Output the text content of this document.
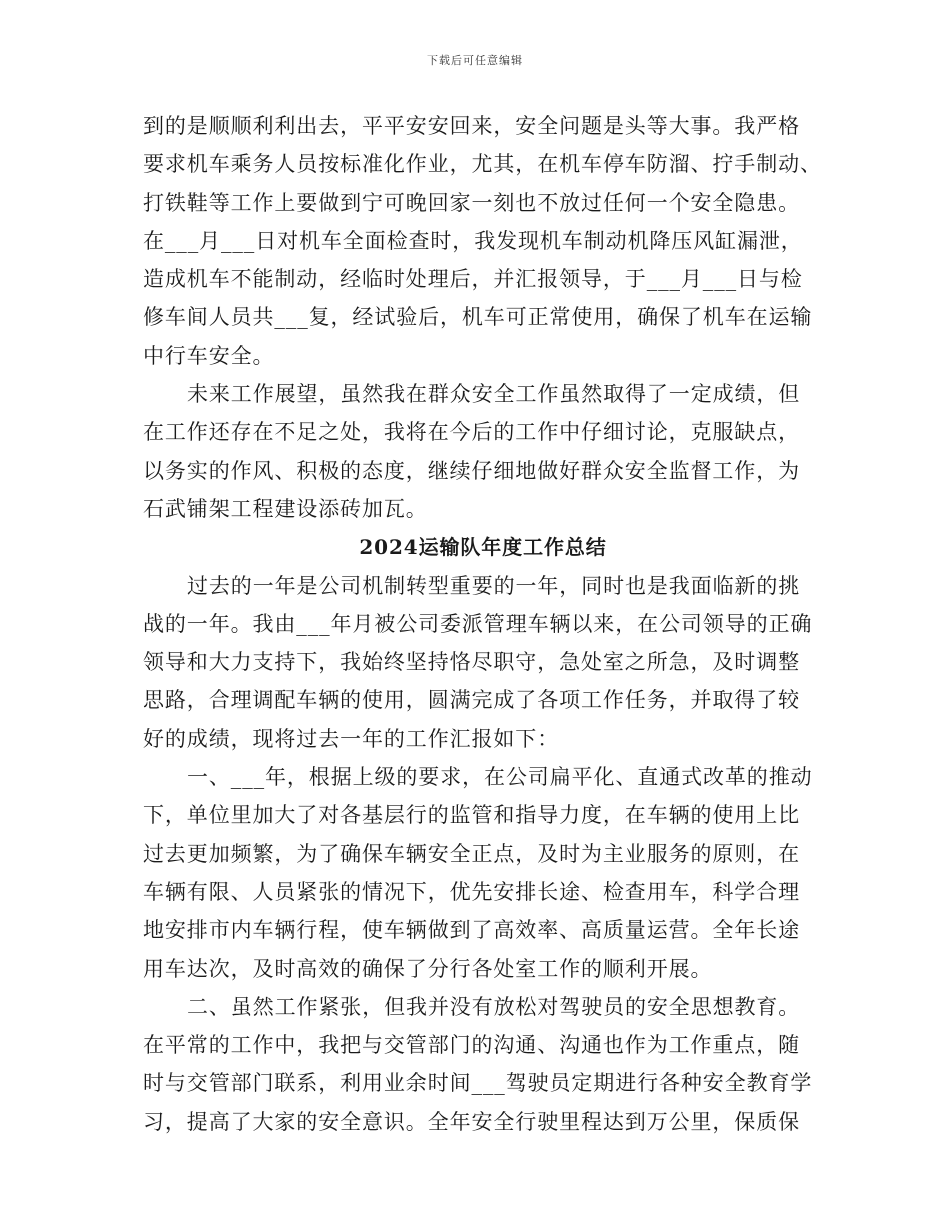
下载后可任意编辑
到的是顺顺利利出去，平平安安回来，安全问题是头等大事。我严格
要求机车乘务人员按标准化作业，尤其，在机车停车防溜、拧手制动、
打铁鞋等工作上要做到宁可晚回家一刻也不放过任何一个安全隐患。
在___月___日对机车全面检查时，我发现机车制动机降压风缸漏泄，
造成机车不能制动，经临时处理后，并汇报领导，于___月___日与检
修车间人员共___复，经试验后，机车可正常使用，确保了机车在运输
中行车安全。
未来工作展望，虽然我在群众安全工作虽然取得了一定成绩，但
在工作还存在不足之处，我将在今后的工作中仔细讨论，克服缺点，
以务实的作风、积极的态度，继续仔细地做好群众安全监督工作，为
石武铺架工程建设添砖加瓦。
2024运输队年度工作总结
过去的一年是公司机制转型重要的一年，同时也是我面临新的挑
战的一年。我由___年月被公司委派管理车辆以来，在公司领导的正确
领导和大力支持下，我始终坚持恪尽职守，急处室之所急，及时调整
思路，合理调配车辆的使用，圆满完成了各项工作任务，并取得了较
好的成绩，现将过去一年的工作汇报如下：
一、___年，根据上级的要求，在公司扁平化、直通式改革的推动
下，单位里加大了对各基层行的监管和指导力度，在车辆的使用上比
过去更加频繁，为了确保车辆安全正点，及时为主业服务的原则，在
车辆有限、人员紧张的情况下，优先安排长途、检查用车，科学合理
地安排市内车辆行程，使车辆做到了高效率、高质量运营。全年长途
用车达次，及时高效的确保了分行各处室工作的顺利开展。
二、虽然工作紧张，但我并没有放松对驾驶员的安全思想教育。
在平常的工作中，我把与交管部门的沟通、沟通也作为工作重点，随
时与交管部门联系，利用业余时间___驾驶员定期进行各种安全教育学
习，提高了大家的安全意识。全年安全行驶里程达到万公里，保质保
